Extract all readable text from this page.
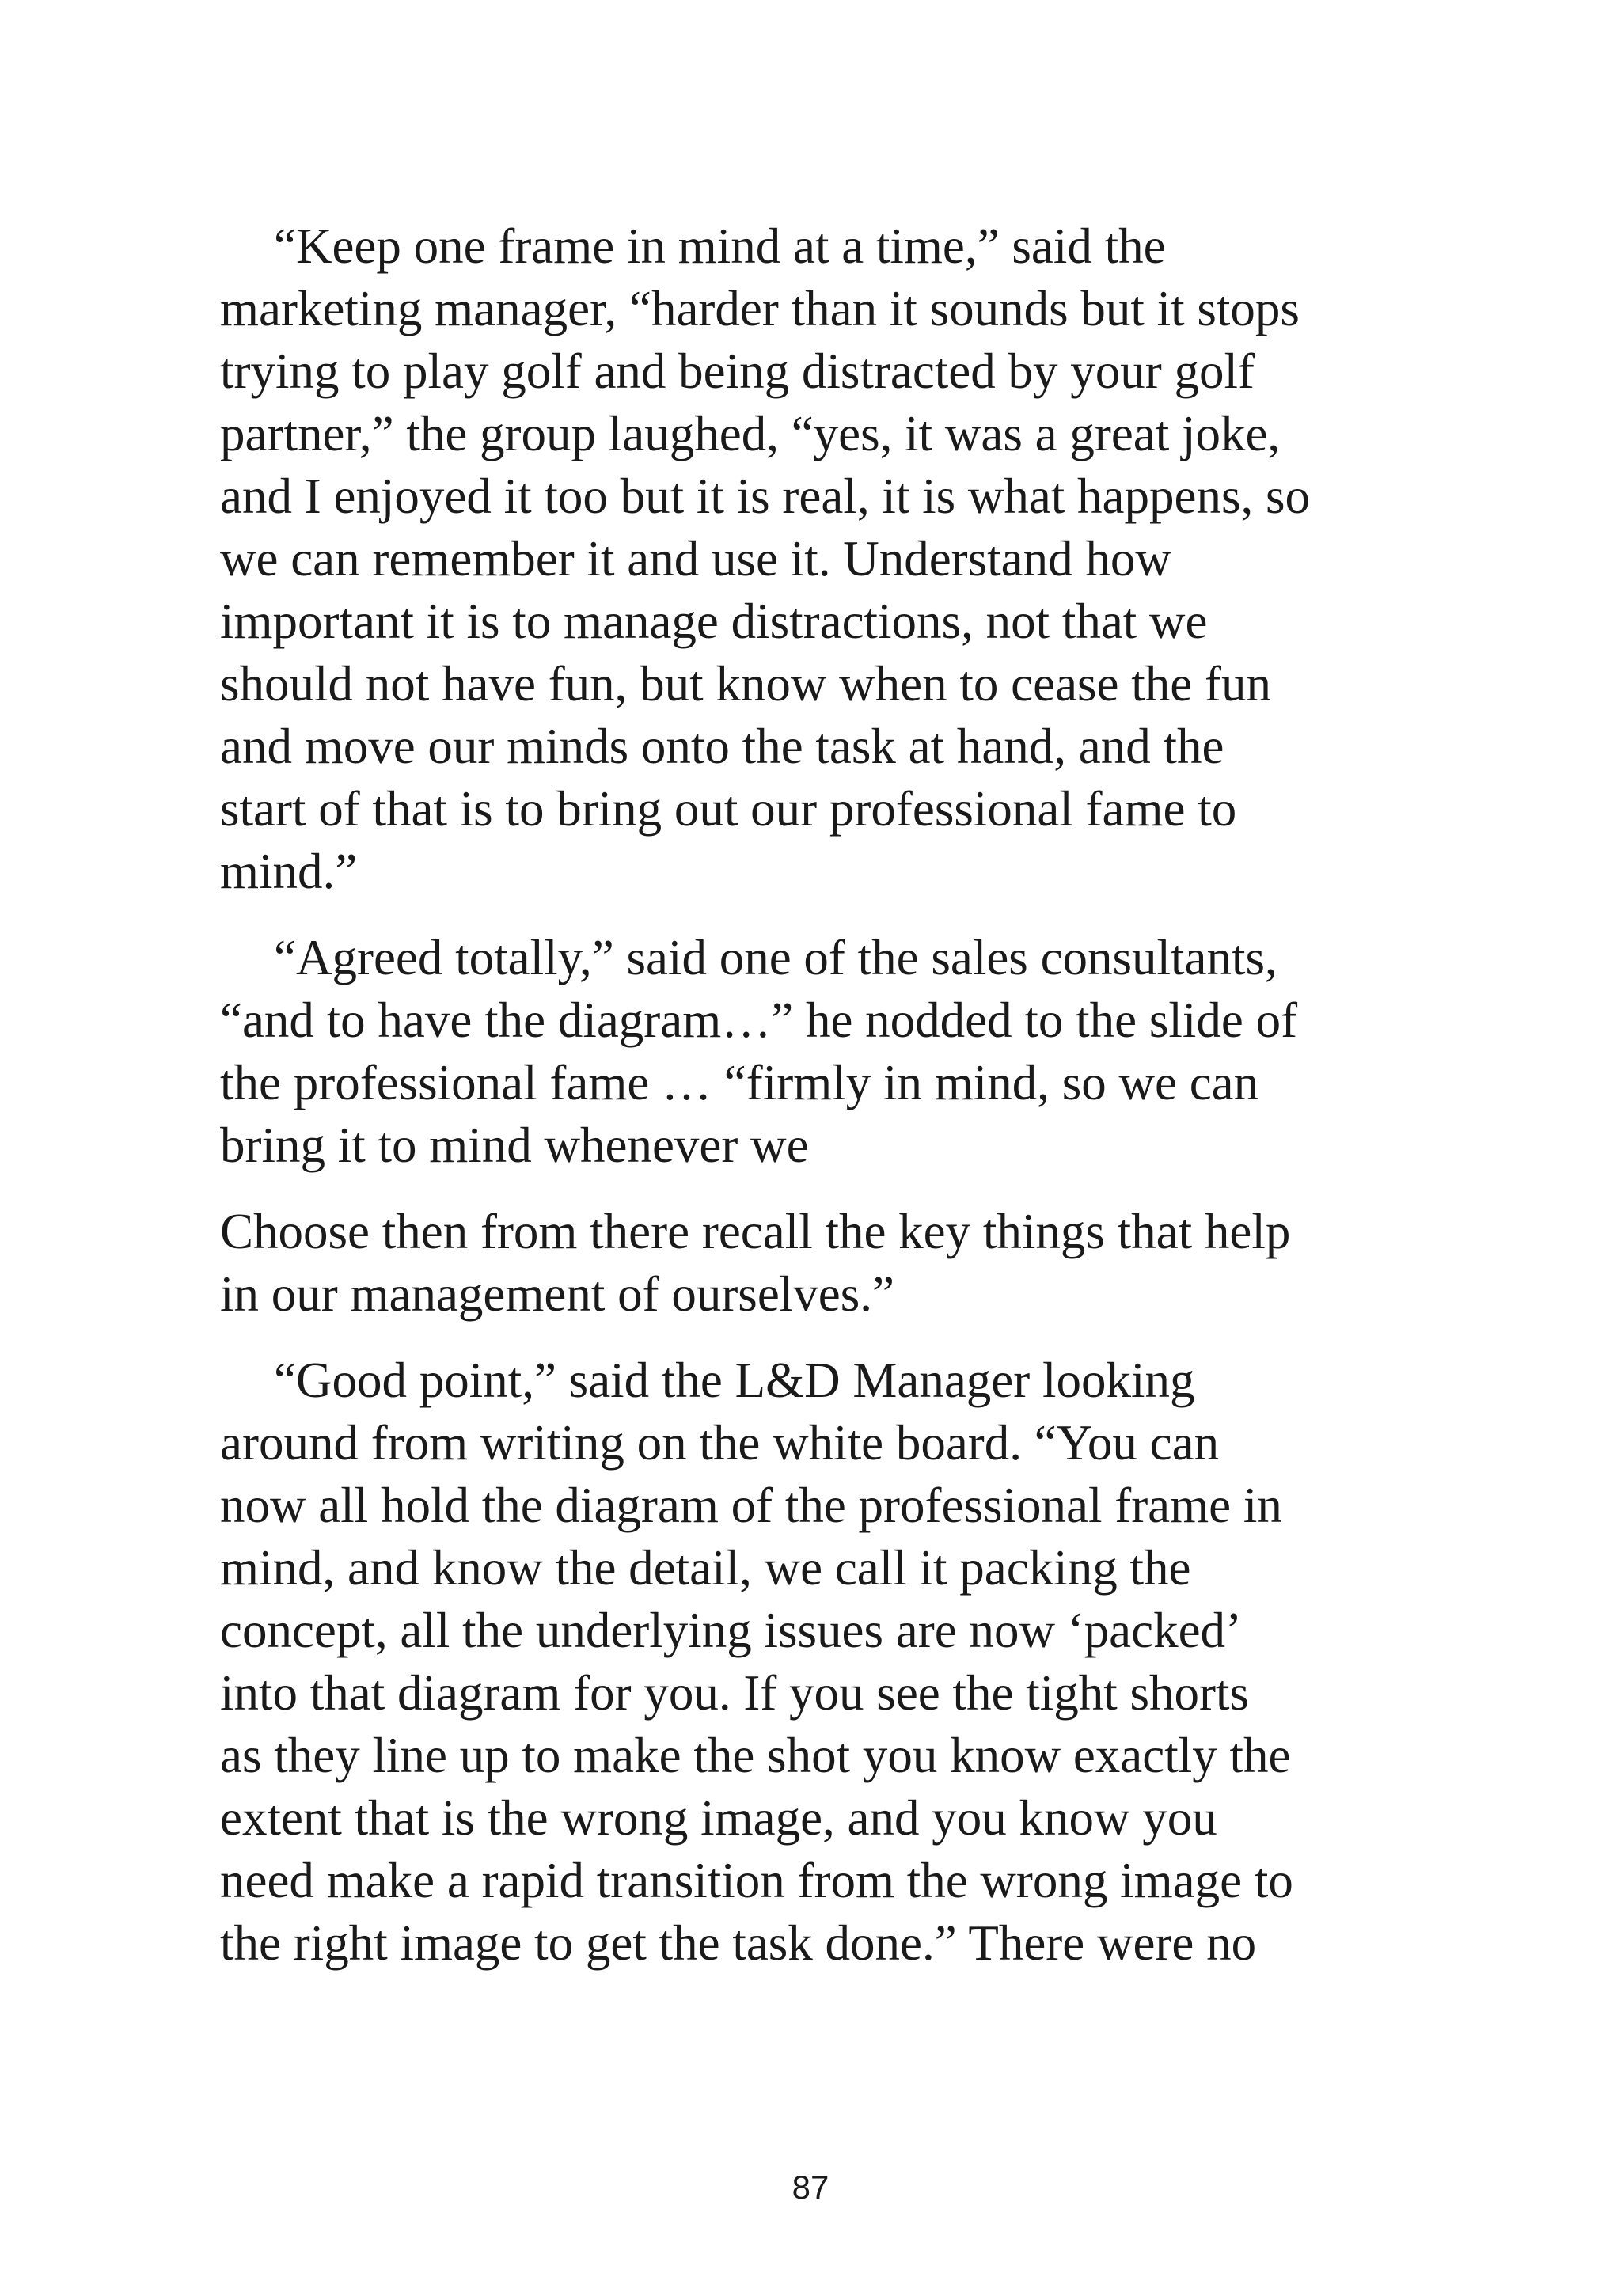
“Keep one frame in mind at a time,” said the
marketing manager, “harder than it sounds but it stops
trying to play golf and being distracted by your golf
partner,” the group laughed, “yes, it was a great joke,
and I enjoyed it too but it is real, it is what happens, so
we can remember it and use it. Understand how
important it is to manage distractions, not that we
should not have fun, but know when to cease the fun
and move our minds onto the task at hand, and the
start of that is to bring out our professional fame to
mind.”
“Agreed totally,” said one of the sales consultants,
“and to have the diagram…” he nodded to the slide of
the professional fame … “firmly in mind, so we can
bring it to mind whenever we
Choose then from there recall the key things that help
in our management of ourselves.”
“Good point,” said the L&D Manager looking
around from writing on the white board. “You can
now all hold the diagram of the professional frame in
mind, and know the detail, we call it packing the
concept, all the underlying issues are now ‘packed’
into that diagram for you. If you see the tight shorts
as they line up to make the shot you know exactly the
extent that is the wrong image, and you know you
need make a rapid transition from the wrong image to
the right image to get the task done.” There were no
87
